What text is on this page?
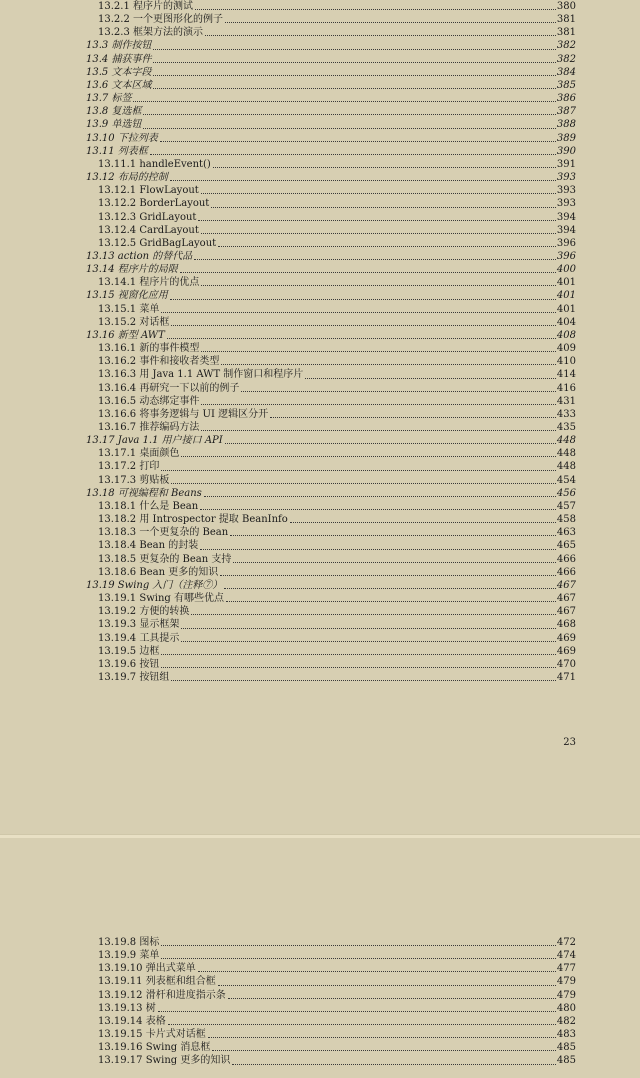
13.2.1 程序片的测试	380
13.2.2 一个更图形化的例子	381
13.2.3 框架方法的演示	381
13.3 制作按钮	382
13.4 捕获事件	382
13.5 文本字段	384
13.6 文本区域	385
13.7 标签	386
13.8 复选框	387
13.9 单选钮	388
13.10 下拉列表	389
13.11 列表框	390
13.11.1 handleEvent()	391
13.12 布局的控制	393
13.12.1 FlowLayout	393
13.12.2 BorderLayout	393
13.12.3 GridLayout	394
13.12.4 CardLayout	394
13.12.5 GridBagLayout	396
13.13 action 的替代品	396
13.14 程序片的局限	400
13.14.1 程序片的优点	401
13.15 视窗化应用	401
13.15.1 菜单	401
13.15.2 对话框	404
13.16 新型 AWT	408
13.16.1 新的事件模型	409
13.16.2 事件和接收者类型	410
13.16.3 用 Java 1.1 AWT 制作窗口和程序片	414
13.16.4 再研究一下以前的例子	416
13.16.5 动态绑定事件	431
13.16.6 将事务逻辑与 UI 逻辑区分开	433
13.16.7 推荐编码方法	435
13.17 Java 1.1 用户接口 API	448
13.17.1 桌面颜色	448
13.17.2 打印	448
13.17.3 剪贴板	454
13.18 可视编程和 Beans	456
13.18.1 什么是 Bean	457
13.18.2 用 Introspector 提取 BeanInfo	458
13.18.3 一个更复杂的 Bean	463
13.18.4 Bean 的封装	465
13.18.5 更复杂的 Bean 支持	466
13.18.6 Bean 更多的知识	466
13.19 Swing 入门（注释⑦）	467
13.19.1 Swing 有哪些优点	467
13.19.2 方便的转换	467
13.19.3 显示框架	468
13.19.4 工具提示	469
13.19.5 边框	469
13.19.6 按钮	470
13.19.7 按钮组	471
23
13.19.8 图标	472
13.19.9 菜单	474
13.19.10 弹出式菜单	477
13.19.11 列表框和组合框	479
13.19.12 滑杆和进度指示条	479
13.19.13 树	480
13.19.14 表格	482
13.19.15 卡片式对话框	483
13.19.16 Swing 消息框	485
13.19.17 Swing 更多的知识	485
